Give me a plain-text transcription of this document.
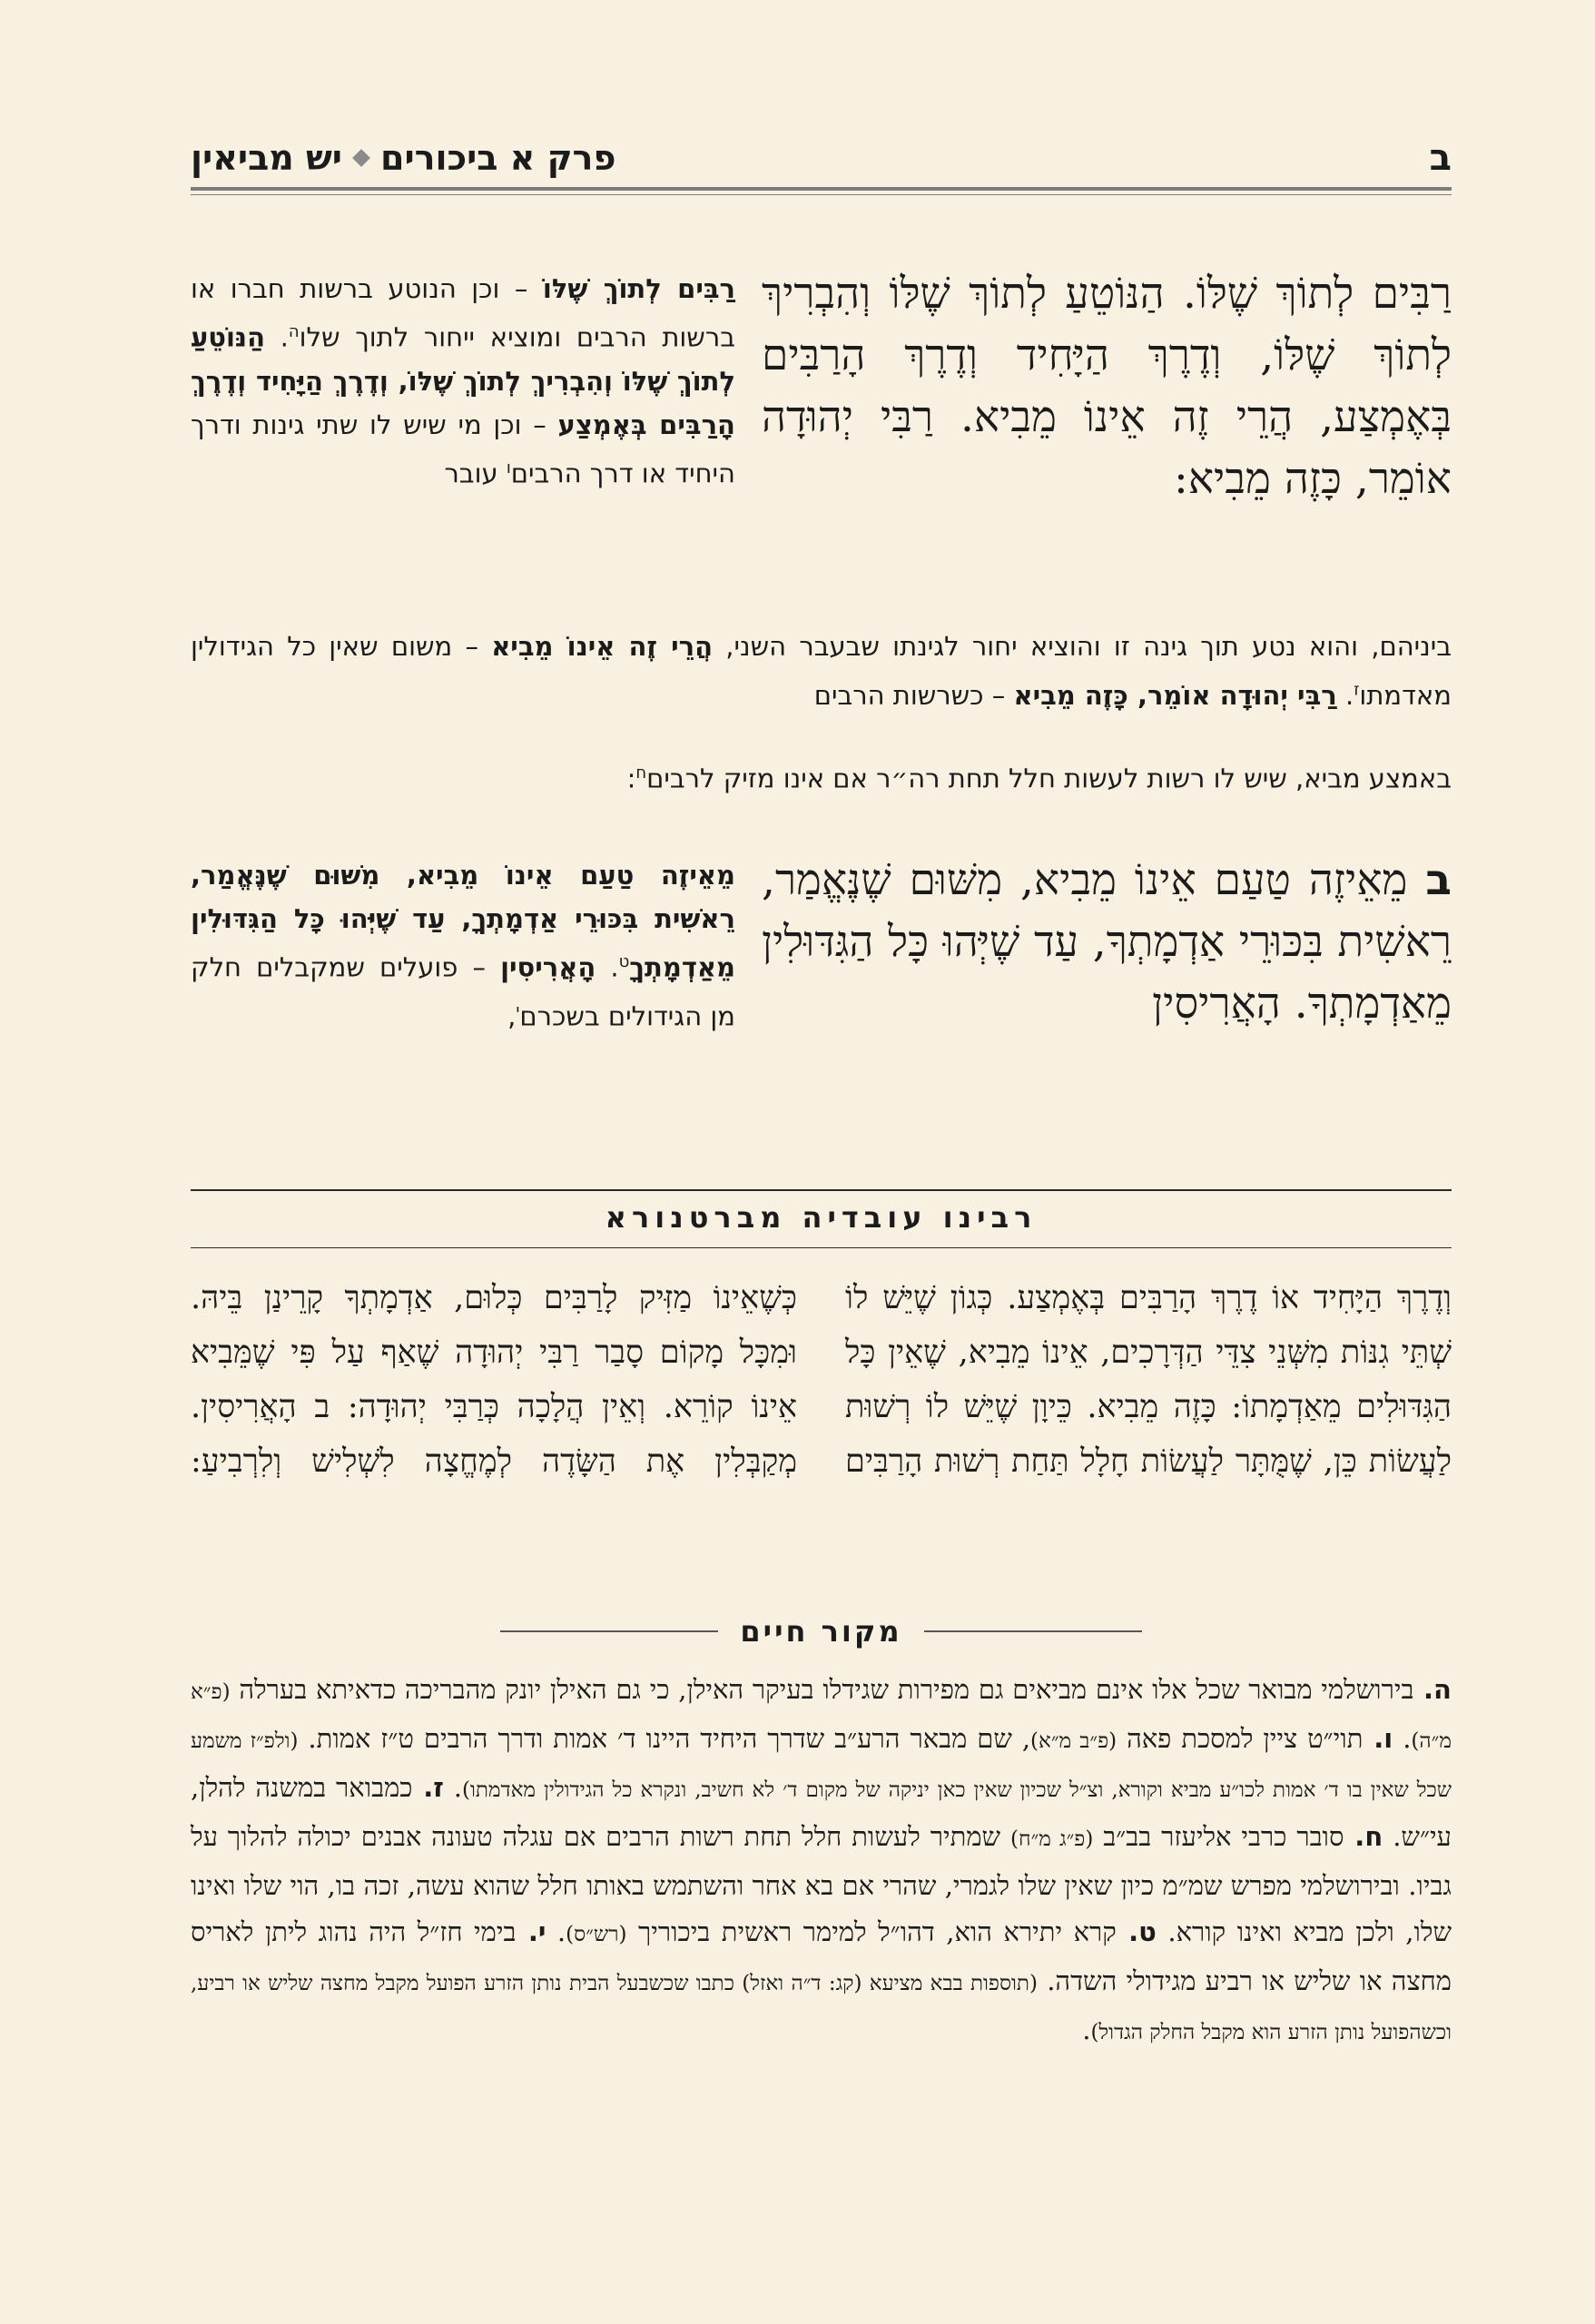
ב
פרק א ביכורים
יש מביאין

רַבִּים לְתוֹךְ שֶׁלּוֹ. הַנּוֹטֵעַ לְתוֹךְ שֶׁלּוֹ וְהִבְרִיךְ לְתוֹךְ שֶׁלּוֹ, וְדֶרֶךְ הַיָּחִיד וְדֶרֶךְ הָרַבִּים בְּאֶמְצַע, הֲרֵי זֶה אֵינוֹ מֵבִיא. רַבִּי יְהוּדָה אוֹמֵר, כָּזֶה מֵבִיא:

רַבִּים לְתוֹךְ שֶׁלּוֹ – וכן הנוטע ברשות חברו או ברשות הרבים ומוציא ייחור לתוך שלו$^ה$. הַנּוֹטֵעַ לְתוֹךְ שֶׁלּוֹ וְהִבְרִיךְ לְתוֹךְ שֶׁלּוֹ, וְדֶרֶךְ הַיָּחִיד וְדֶרֶךְ הָרַבִּים בְּאֶמְצַע – וכן מי שיש לו שתי גינות ודרך היחיד או דרך הרבים$^ו$ עובר

ביניהם, והוא נטע תוך גינה זו והוציא יחור לגינתו שבעבר השני, הֲרֵי זֶה אֵינוֹ מֵבִיא – משום שאין כל הגידולין מאדמתו$^ז$. רַבִּי יְהוּדָה אוֹמֵר, כָּזֶה מֵבִיא – כשרשות הרבים

באמצע מביא, שיש לו רשות לעשות חלל תחת רה״ר אם אינו מזיק לרבים$^ח$:

ב מֵאֵיזֶה טַעַם אֵינוֹ מֵבִיא, מִשּׁוּם שֶׁנֶּאֱמַר, רֵאשִׁית בִּכּוּרֵי אַדְמָתְךָ, עַד שֶׁיְּהוּ כָּל הַגִּדּוּלִין מֵאַדְמָתְךָ. הָאֲרִיסִין

מֵאֵיזֶה טַעַם אֵינוֹ מֵבִיא, מִשּׁוּם שֶׁנֶּאֱמַר, רֵאשִׁית בִּכּוּרֵי אַדְמָתְךָ, עַד שֶׁיְּהוּ כָּל הַגִּדּוּלִין מֵאַדְמָתְךָ$^ט$. הָאֲרִיסִין – פועלים שמקבלים חלק מן הגידולים בשכרם$^י$,

רבינו עובדיה מברטנורא

וְדֶרֶךְ הַיָּחִיד אוֹ דֶרֶךְ הָרַבִּים בְּאֶמְצַע. כְּגוֹן שֶׁיֵּשׁ לוֹ שְׁתֵּי גִנּוֹת מִשְּׁנֵי צִדֵּי הַדְּרָכִים, אֵינוֹ מֵבִיא, שֶׁאֵין כָּל הַגִּדּוּלִים מֵאַדְמָתוֹ: כָּזֶה מֵבִיא. כֵּיוָן שֶׁיֵּשׁ לוֹ רְשׁוּת לַעֲשׂוֹת כֵּן, שֶׁמֻּתָּר לַעֲשׂוֹת חָלָל תַּחַת רְשׁוּת הָרַבִּים

כְּשֶׁאֵינוֹ מַזִּיק לָרַבִּים כְּלוּם, אַדְמָתְךָ קָרֵינַן בֵּיהּ. וּמִכָּל מָקוֹם סָבַר רַבִּי יְהוּדָה שֶׁאַף עַל פִּי שֶׁמֵּבִיא אֵינוֹ קוֹרֵא. וְאֵין הֲלָכָה כְּרַבִּי יְהוּדָה: ב הָאֲרִיסִין. מְקַבְּלִין אֶת הַשָּׂדֶה לְמֶחֱצָה לִשְׁלִישׁ וְלִרְבִיעַ:

מקור חיים

ה. בירושלמי מבואר שכל אלו אינם מביאים גם מפירות שגידלו בעיקר האילן, כי גם האילן יונק מהבריכה כדאיתא בערלה (פ״א מ״ה). ו. תוי״ט ציין למסכת פאה (פ״ב מ״א), שם מבאר הרע״ב שדרך היחיד היינו ד׳ אמות ודרך הרבים ט״ז אמות. (ולפ״ז משמע שכל שאין בו ד׳ אמות לכו״ע מביא וקורא, וצ״ל שכיון שאין כאן יניקה של מקום ד׳ לא חשיב, ונקרא כל הגידולין מאדמתו). ז. כמבואר במשנה להלן, עי״ש. ח. סובר כרבי אליעזר בב״ב (פ״ג מ״ח) שמתיר לעשות חלל תחת רשות הרבים אם עגלה טעונה אבנים יכולה להלוך על גביו. ובירושלמי מפרש שמ״מ כיון שאין שלו לגמרי, שהרי אם בא אחר והשתמש באותו חלל שהוא עשה, זכה בו, הוי שלו ואינו שלו, ולכן מביא ואינו קורא. ט. קרא יתירא הוא, דהו״ל למימר ראשית ביכוריך (רש״ס). י. בימי חז״ל היה נהוג ליתן לאריס מחצה או שליש או רביע מגידולי השדה. (תוספות בבא מציעא (קג: ד״ה ואזל) כתבו שכשבעל הבית נותן הזרע הפועל מקבל מחצה שליש או רביע, וכשהפועל נותן הזרע הוא מקבל החלק הגדול).
